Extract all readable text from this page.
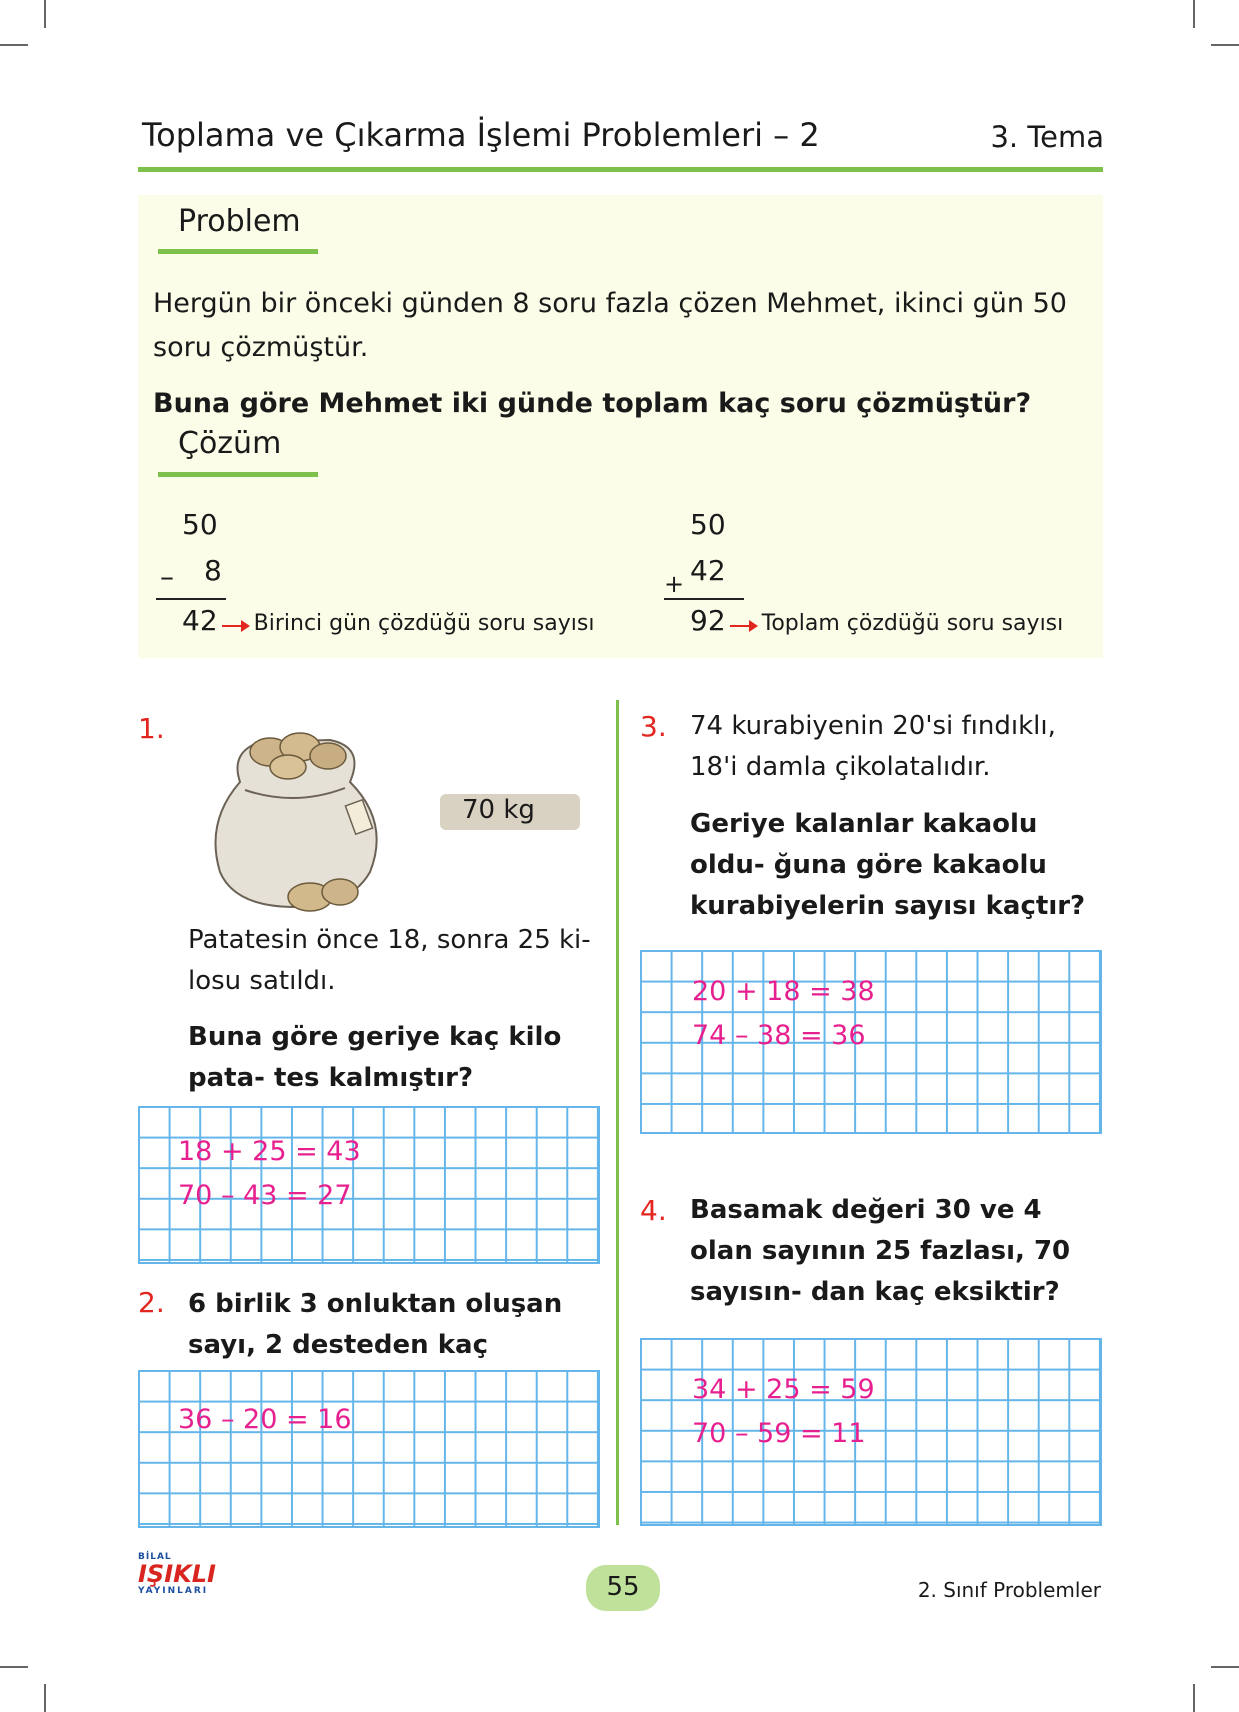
Toplama ve Çıkarma İşlemi Problemleri – 2	3. Tema
Problem
Hergün bir önceki günden 8 soru fazla çözen Mehmet, ikinci gün 50 soru çözmüştür.
Buna göre Mehmet iki günde toplam kaç soru çözmüştür?
Çözüm
50
– 8
42 Birinci gün çözdüğü soru sayısı
50
+ 42
92 Toplam çözdüğü soru sayısı
1.
70 kg
Patatesin önce 18, sonra 25 ki- losu satıldı.
Buna göre geriye kaç kilo pata- tes kalmıştır?
18 + 25 = 43
70 – 43 = 27
2. 6 birlik 3 onluktan oluşan sayı, 2 desteden kaç
36 – 20 = 16
3. 74 kurabiyenin 20'si fındıklı, 18'i damla çikolatalıdır.
Geriye kalanlar kakaolu oldu- ğuna göre kakaolu kurabiyelerin sayısı kaçtır?
20 + 18 = 38
74 – 38 = 36
4. Basamak değeri 30 ve 4 olan sayının 25 fazlası, 70 sayısın- dan kaç eksiktir?
34 + 25 = 59
70 – 59 = 11
BİLAL
IŞIKLI
YAYINLARI	55	2. Sınıf Problemler
